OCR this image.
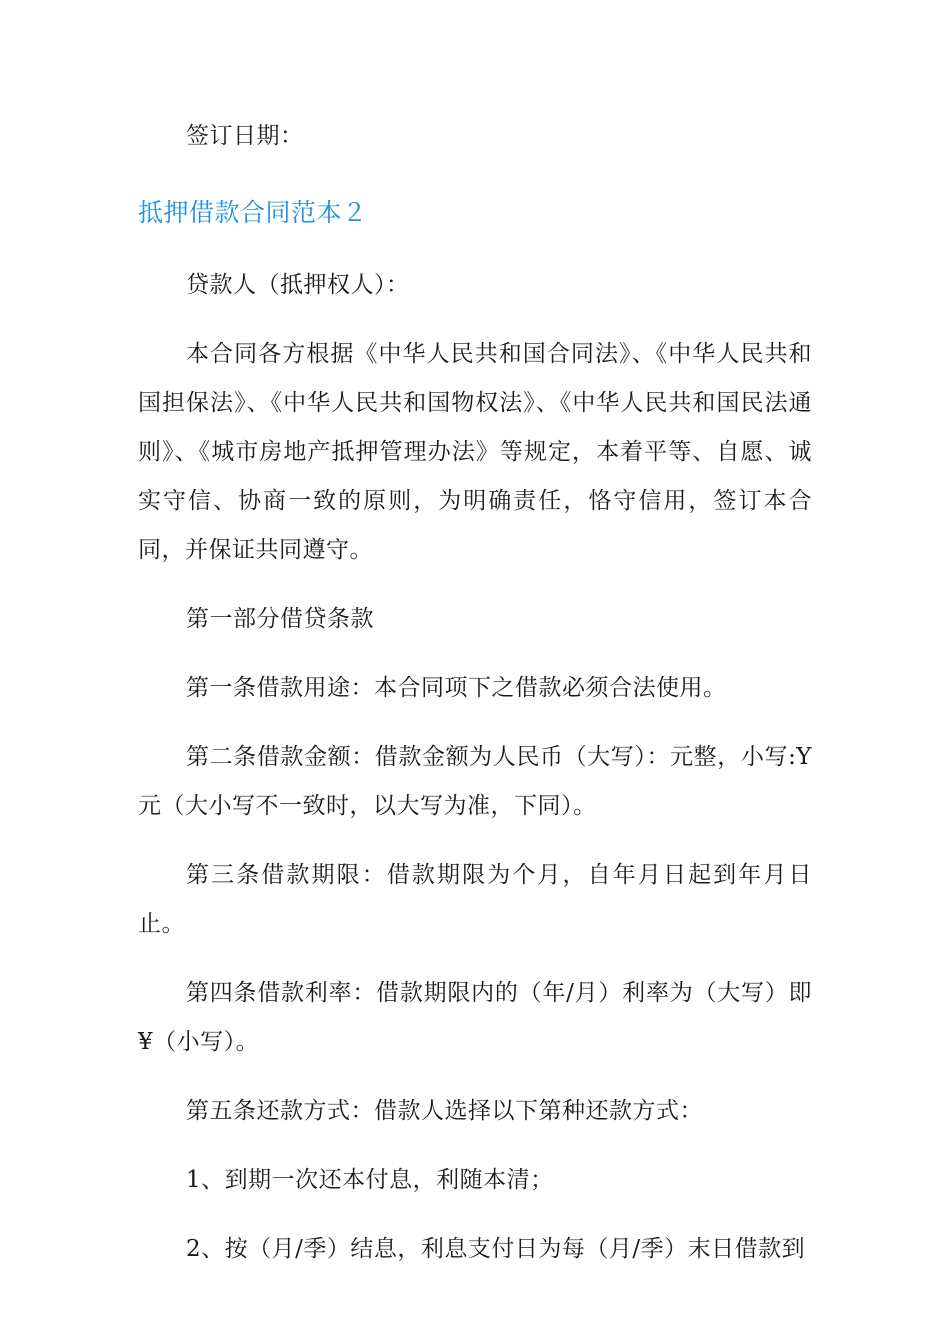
签订日期：

抵押借款合同范本２

贷款人（抵押权人）：

本合同各方根据《中华人民共和国合同法》、《中华人民共和国担保法》、《中华人民共和国物权法》、《中华人民共和国民法通则》、《城市房地产抵押管理办法》等规定，本着平等、自愿、诚实守信、协商一致的原则，为明确责任，恪守信用，签订本合同，并保证共同遵守。

第一部分借贷条款

第一条借款用途：本合同项下之借款必须合法使用。

第二条借款金额：借款金额为人民币（大写）：元整，小写:Y元（大小写不一致时，以大写为准，下同）。

第三条借款期限：借款期限为个月，自年月日起到年月日止。

第四条借款利率：借款期限内的（年/月）利率为（大写）即¥（小写）。

第五条还款方式：借款人选择以下第种还款方式：

1、到期一次还本付息，利随本清；

2、按（月/季）结息，利息支付日为每（月/季）末日借款到
